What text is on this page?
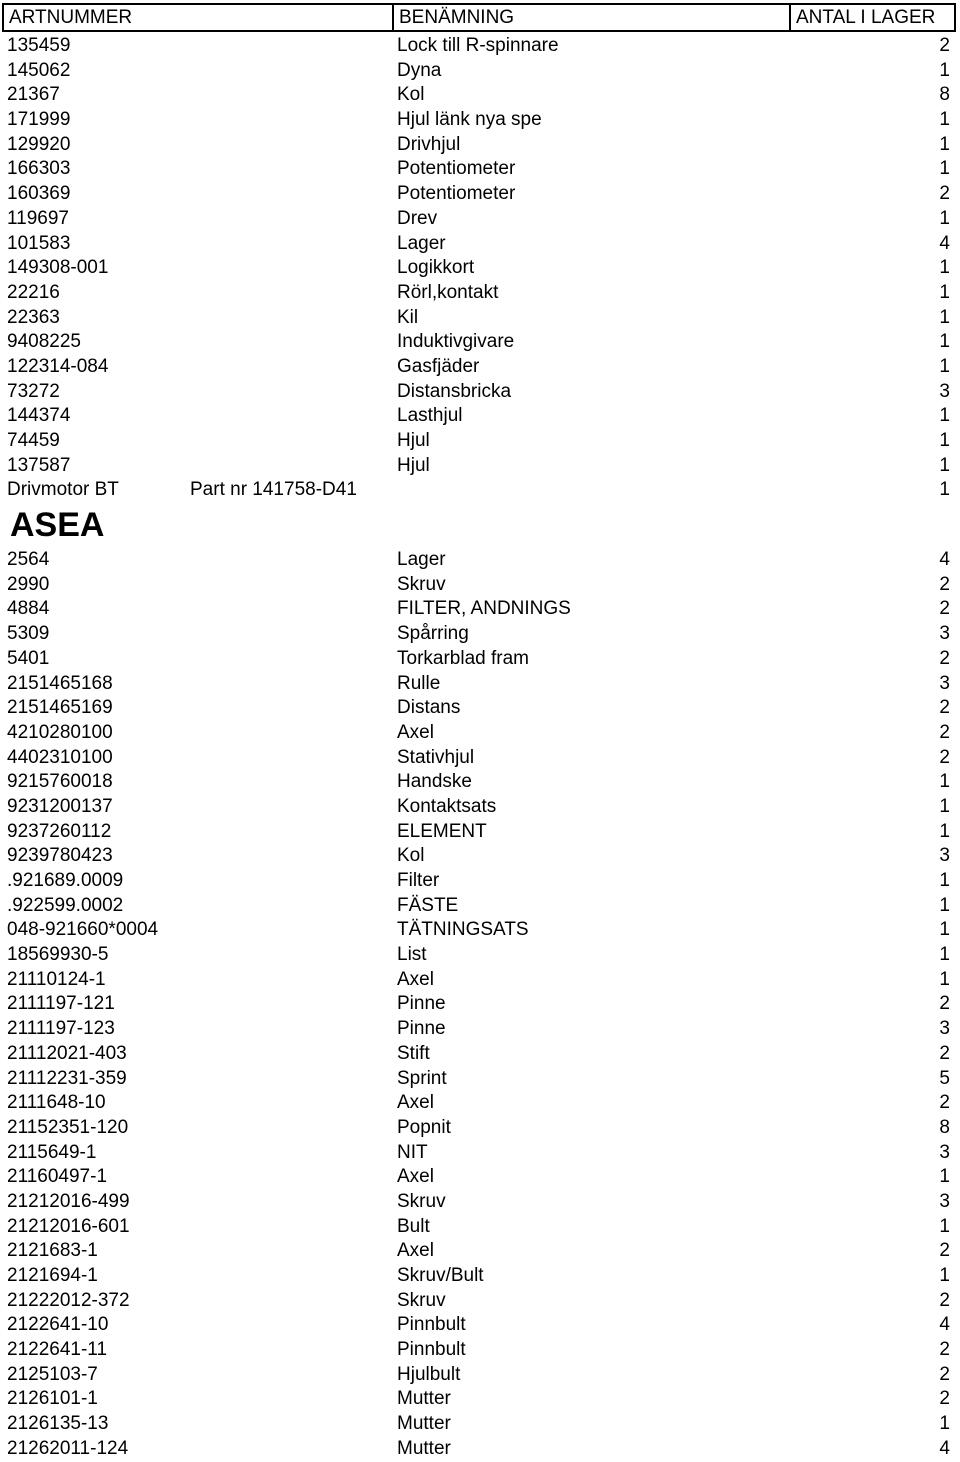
ARTNUMMER	BENÄMNING	ANTAL I LAGER
135459	Lock till R-spinnare	2
145062	Dyna	1
21367	Kol	8
171999	Hjul länk nya spe	1
129920	Drivhjul	1
166303	Potentiometer	1
160369	Potentiometer	2
119697	Drev	1
101583	Lager	4
149308-001	Logikkort	1
22216	Rörl,kontakt	1
22363	Kil	1
9408225	Induktivgivare	1
122314-084	Gasfjäder	1
73272	Distansbricka	3
144374	Lasthjul	1
74459	Hjul	1
137587	Hjul	1
Drivmotor BT	Part nr 141758-D41	1
ASEA
2564	Lager	4
2990	Skruv	2
4884	FILTER, ANDNINGS	2
5309	Spårring	3
5401	Torkarblad fram	2
2151465168	Rulle	3
2151465169	Distans	2
4210280100	Axel	2
4402310100	Stativhjul	2
9215760018	Handske	1
9231200137	Kontaktsats	1
9237260112	ELEMENT	1
9239780423	Kol	3
.921689.0009	Filter	1
.922599.0002	FÄSTE	1
048-921660*0004	TÄTNINGSATS	1
18569930-5	List	1
21110124-1	Axel	1
2111197-121	Pinne	2
2111197-123	Pinne	3
21112021-403	Stift	2
21112231-359	Sprint	5
2111648-10	Axel	2
21152351-120	Popnit	8
2115649-1	NIT	3
21160497-1	Axel	1
21212016-499	Skruv	3
21212016-601	Bult	1
2121683-1	Axel	2
2121694-1	Skruv/Bult	1
21222012-372	Skruv	2
2122641-10	Pinnbult	4
2122641-11	Pinnbult	2
2125103-7	Hjulbult	2
2126101-1	Mutter	2
2126135-13	Mutter	1
21262011-124	Mutter	4
